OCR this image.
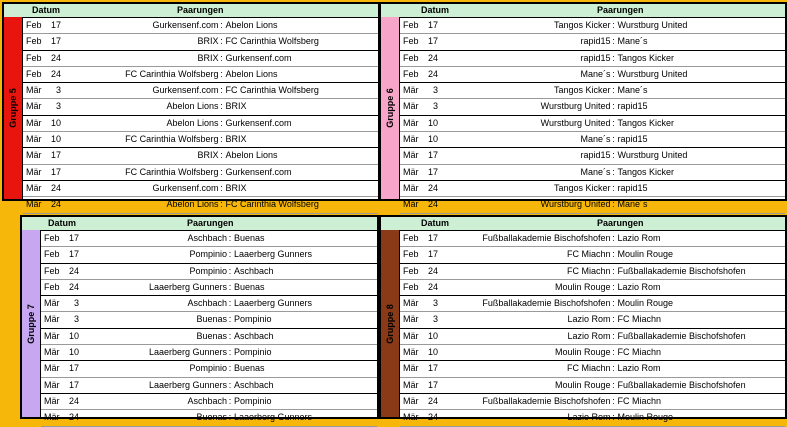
Datum	Paarungen
Gruppe 5
Feb	17	Gurkensenf.com : Abelon Lions
Feb	17	BRIX : FC Carinthia Wolfsberg
Feb	24	BRIX : Gurkensenf.com
Feb	24	FC Carinthia Wolfsberg : Abelon Lions
Mär	3	Gurkensenf.com : FC Carinthia Wolfsberg
Mär	3	Abelon Lions : BRIX
Mär	10	Abelon Lions : Gurkensenf.com
Mär	10	FC Carinthia Wolfsberg : BRIX
Mär	17	BRIX : Abelon Lions
Mär	17	FC Carinthia Wolfsberg : Gurkensenf.com
Mär	24	Gurkensenf.com : BRIX
Mär	24	Abelon Lions : FC Carinthia Wolfsberg
Datum	Paarungen
Gruppe 6
Feb	17	Tangos Kicker : Wurstburg United
Feb	17	rapid15 : Mane´s
Feb	24	rapid15 : Tangos Kicker
Feb	24	Mane´s : Wurstburg United
Mär	3	Tangos Kicker : Mane´s
Mär	3	Wurstburg United : rapid15
Mär	10	Wurstburg United : Tangos Kicker
Mär	10	Mane´s : rapid15
Mär	17	rapid15 : Wurstburg United
Mär	17	Mane´s : Tangos Kicker
Mär	24	Tangos Kicker : rapid15
Mär	24	Wurstburg United : Mane´s
Datum	Paarungen
Gruppe 7
Feb	17	Aschbach : Buenas
Feb	17	Pompinio : Laaerberg Gunners
Feb	24	Pompinio : Aschbach
Feb	24	Laaerberg Gunners : Buenas
Mär	3	Aschbach : Laaerberg Gunners
Mär	3	Buenas : Pompinio
Mär	10	Buenas : Aschbach
Mär	10	Laaerberg Gunners : Pompinio
Mär	17	Pompinio : Buenas
Mär	17	Laaerberg Gunners : Aschbach
Mär	24	Aschbach : Pompinio
Mär	24	Buenas : Laaerberg Gunners
Datum	Paarungen
Gruppe 8
Feb	17	Fußballakademie Bischofshofen : Lazio Rom
Feb	17	FC Miachn : Moulin Rouge
Feb	24	FC Miachn : Fußballakademie Bischofshofen
Feb	24	Moulin Rouge : Lazio Rom
Mär	3	Fußballakademie Bischofshofen : Moulin Rouge
Mär	3	Lazio Rom : FC Miachn
Mär	10	Lazio Rom : Fußballakademie Bischofshofen
Mär	10	Moulin Rouge : FC Miachn
Mär	17	FC Miachn : Lazio Rom
Mär	17	Moulin Rouge : Fußballakademie Bischofshofen
Mär	24	Fußballakademie Bischofshofen : FC Miachn
Mär	24	Lazio Rom : Moulin Rouge
